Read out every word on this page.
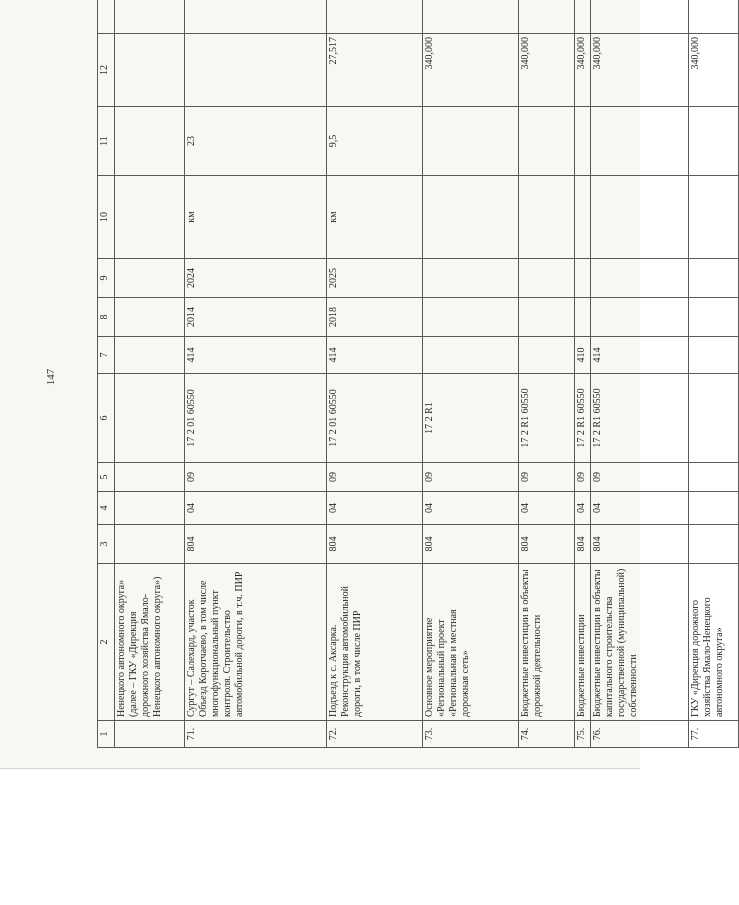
147
1	2	3	4	5	6	7	8	9	10	11	12	
	Ненецкого автономного округа» (далее – ГКУ «Дирекция дорожного хозяйства Ямало-Ненецкого автономного округа»)											
71.	Сургут – Салехард, участок Объезд Коротчаево, в том числе многофункциональный пункт контроля. Строительство автомобильной дороги, в т.ч. ПИР	804	04	09	17 2 01 60550	414	2014	2024	км	23		
72.	Подъезд к с. Аксарка. Реконструкция автомобильной дороги, в том числе ПИР	804	04	09	17 2 01 60550	414	2018	2025	км	9,5	27,517	
73.	Основное мероприятие «Региональный проект «Региональная и местная дорожная сеть»	804	04	09	17 2 R1						340,000	
74.	Бюджетные инвестиции в объекты дорожной деятельности	804	04	09	17 2 R1 60550						340,000	
75.	Бюджетные инвестиции	804	04	09	17 2 R1 60550	410					340,000	
76.	Бюджетные инвестиции в объекты капитального строительства государственной (муниципальной) собственности	804	04	09	17 2 R1 60550	414					340,000	
77.	ГКУ «Дирекция дорожного хозяйства Ямало-Ненецкого автономного округа»										340,000	
